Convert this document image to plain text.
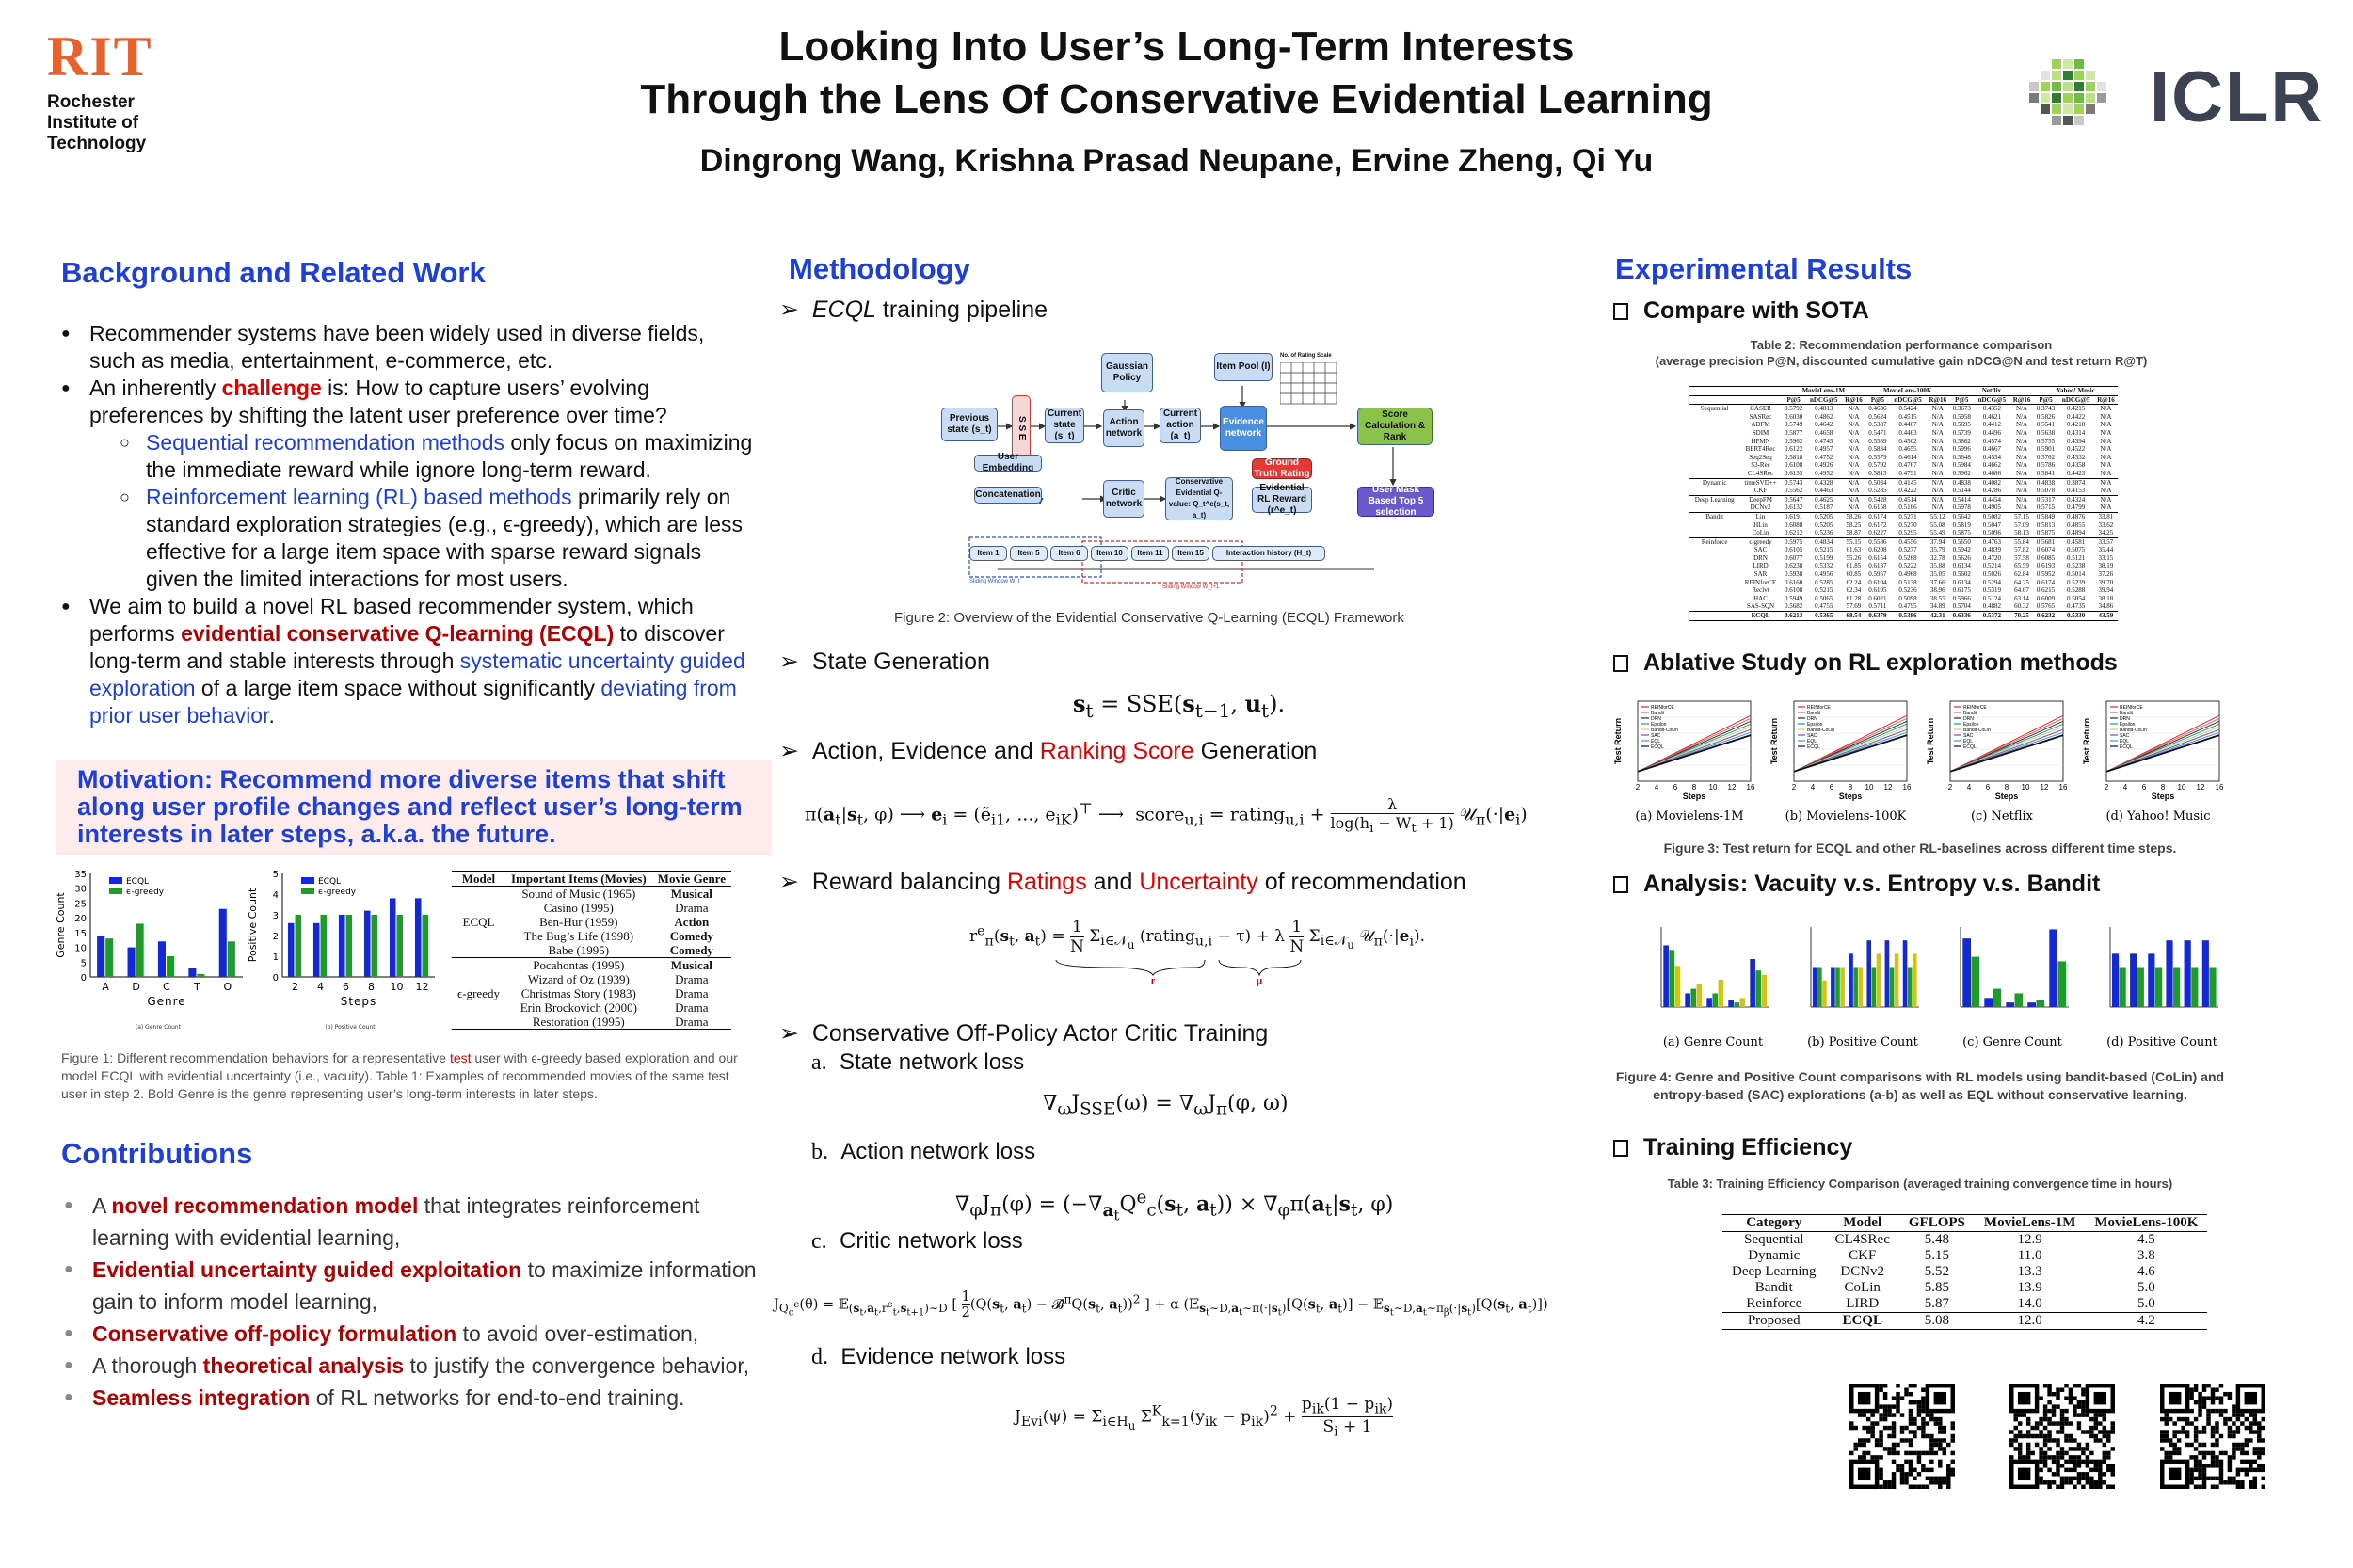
RIT
Rochester
Institute of
Technology
Looking Into User’s Long-Term Interests
Through the Lens Of Conservative Evidential Learning
Dingrong Wang, Krishna Prasad Neupane, Ervine Zheng, Qi Yu
ICLR
Background and Related Work
● Recommender systems have been widely used in diverse fields, such as media, entertainment, e-commerce, etc.
● An inherently challenge is: How to capture users’ evolving preferences by shifting the latent user preference over time?
○ Sequential recommendation methods only focus on maximizing the immediate reward while ignore long-term reward.
○ Reinforcement learning (RL) based methods primarily rely on standard exploration strategies (e.g., ϵ-greedy), which are less effective for a large item space with sparse reward signals given the limited interactions for most users.
● We aim to build a novel RL based recommender system, which performs evidential conservative Q-learning (ECQL) to discover long-term and stable interests through systematic uncertainty guided exploration of a large item space without significantly deviating from prior user behavior.
Motivation: Recommend more diverse items that shift along user profile changes and reflect user’s long-term interests in later steps, a.k.a. the future.
0
5
10
15
20
25
30
35
A D C T O
Genre
Genre Count
ECQL
ϵ-greedy
(a) Genre Count
0
1
2
3
4
5
2 4 6 8 10 12
Steps
Positive Count
ECQL
ϵ-greedy
(b) Positive Count
Model	Important Items (Movies)	Movie Genre
ECQL	Sound of Music (1965)	Musical
	Casino (1995)	Drama
	Ben-Hur (1959)	Action
	The Bug’s Life (1998)	Comedy
	Babe (1995)	Comedy
ϵ-greedy	Pocahontas (1995)	Musical
	Wizard of Oz (1939)	Drama
	Christmas Story (1983)	Drama
	Erin Brockovich (2000)	Drama
	Restoration (1995)	Drama
Figure 1: Different recommendation behaviors for a representative test user with ϵ-greedy based exploration and our model ECQL with evidential uncertainty (i.e., vacuity). Table 1: Examples of recommended movies of the same test user in step 2. Bold Genre is the genre representing user’s long-term interests in later steps.
Contributions
● A novel recommendation model that integrates reinforcement learning with evidential learning,
● Evidential uncertainty guided exploitation to maximize information gain to inform model learning,
● Conservative off-policy formulation to avoid over-estimation,
● A thorough theoretical analysis to justify the convergence behavior,
● Seamless integration of RL networks for end-to-end training.
Methodology
➢ ECQL training pipeline
Gaussian Policy
Item Pool (I)
No. of Rating Scale
Previous state (s_t)	S S E
Current state (s_t)
Action network
Current action (a_t)
Evidence network
Score Calculation & Rank
User Embedding
Concatenation	Critic network
Conservative Evidential Q-value: Q_t^e(s_t, a_t)
Ground Truth Rating
Evidential RL Reward (r^e_t)
User Mask Based Top 5 selection
Item 1	Item 5	Item 6	Item 10	Item 11	Item 15	Interaction history (H_t)
Sliding Window W_t
Sliding Window W_t+1
Figure 2: Overview of the Evidential Conservative Q-Learning (ECQL) Framework
➢ State Generation
$s_t = SSE(s_{t-1}$, $u_t$).
➢ Action, Evidence and Ranking Score Generation
$\pi(a_t|s_t$, φ) ⟶ $e_i$ = (ẽ$_{i1}$, ..., $e_{iK})^⊤$ ⟶  score$_{u,i}$ = rating$_{u,i}$ + $\frac{\lambda}{\log(h_i - W_t + 1)}$ $𝒰_\pi(\cdot|e_i)$
➢ Reward balancing Ratings and Uncertainty of recommendation
$r^e_\pi(s_t$, $a_t) = \frac{1}{N} \Sigma_{i\in 𝒩_u}$ (rating$_{u,i}$ − τ) + λ $\frac{1}{N} \Sigma_{i\in 𝒩_u}$ $𝒰_\pi(\cdot|e_i)$.
r	μ
➢ Conservative Off-Policy Actor Critic Training
a. State network loss
$\nabla_\omega J_{SSE}(\omega) = \nabla_\omega J_\pi(\varphi$, ω)
b. Action network loss
$\nabla_\varphi J_\pi(\varphi) = (-\nabla_{a_t}Q^e_c(s_t$, $a_t)) \times \nabla_\varphi\pi(a_t|s_t$, φ)
c. Critic network loss
$J_{Q_c^e}(\theta)$ = 𝔼$_{(s_t,a_t,r^e_t,s_{t+1})\sim D}$ [ $\frac{1}{2} (Q(s_t$, $a_t$) − $𝓑̂^\pi Q(s_t$, $a_t))^2$ ] + α ($𝔼_{s_t\sim D,a_t\sim\pi(\cdot|s_t)}[Q(s_t$, $a_t$)] − $𝔼_{s_t\sim D,a_t\sim\pi_\beta(\cdot|s_t)}[Q(s_t$, $a_t$)])
d. Evidence network loss
$J_{Evi}(\psi) = \Sigma_{i\in H_u}$ $\Sigma^K_{k=1}(y_{ik} - p_{ik})^2$ +
$p_{ik}(1 - p_{ik})$
$S_i + 1$
Experimental Results
Compare with SOTA
Table 2: Recommendation performance comparison
(average precision P@N, discounted cumulative gain nDCG@N and test return R@T)
		MovieLens-1M			MovieLens-100K			Netflix			Yahoo! Music		
		P@5	nDCG@5	R@16	P@5	nDCG@5	R@16	P@5	nDCG@5	R@16	P@5	nDCG@5	R@16
Sequential	CASER	0.5792	0.4813	N/A	0.4636	0.5424	N/A	0.3673	0.4352	N/A	0.3743	0.4215	N/A
	SASRec	0.6030	0.4862	N/A	0.5624	0.4515	N/A	0.5958	0.4621	N/A	0.5826	0.4422	N/A
	ADFM	0.5749	0.4642	N/A	0.5387	0.4407	N/A	0.5695	0.4412	N/A	0.5541	0.4218	N/A
	SDIM	0.5877	0.4658	N/A	0.5471	0.4463	N/A	0.5739	0.4496	N/A	0.5638	0.4314	N/A
	HPMN	0.5962	0.4745	N/A	0.5589	0.4502	N/A	0.5862	0.4574	N/A	0.5755	0.4394	N/A
	BERT4Rec	0.6122	0.4957	N/A	0.5834	0.4655	N/A	0.5996	0.4667	N/A	0.5901	0.4522	N/A
	Seq2Seq	0.5818	0.4752	N/A	0.5579	0.4614	N/A	0.5648	0.4554	N/A	0.5762	0.4332	N/A
	S3-Rec	0.6108	0.4926	N/A	0.5792	0.4767	N/A	0.5984	0.4662	N/A	0.5786	0.4358	N/A
	CL4SRec	0.6135	0.4952	N/A	0.5813	0.4791	N/A	0.5962	0.4686	N/A	0.5841	0.4423	N/A
Dynamic	timeSVD++	0.5743	0.4328	N/A	0.5034	0.4145	N/A	0.4838	0.4082	N/A	0.4838	0.3874	N/A
	CKF	0.5562	0.4463	N/A	0.5285	0.4222	N/A	0.5144	0.4286	N/A	0.5078	0.4153	N/A
Deep Learning	DeepFM	0.5647	0.4625	N/A	0.5428	0.4514	N/A	0.5414	0.4454	N/A	0.5317	0.4324	N/A
	DCNv2	0.6132	0.5187	N/A	0.6158	0.5166	N/A	0.5978	0.4905	N/A	0.5715	0.4799	N/A
Bandit	Lin	0.6191	0.5205	58.26	0.6174	0.5271	55.12	0.5642	0.5082	57.15	0.5849	0.4876	33.81
	HLin	0.6088	0.5205	58.25	0.6172	0.5270	55.08	0.5819	0.5047	57.09	0.5813	0.4855	33.62
	CoLin	0.6212	0.5236	58.87	0.6227	0.5295	55.49	0.5875	0.5096	58.13	0.5875	0.4894	34.25
Reinforce	ϵ-greedy	0.5975	0.4834	55.15	0.5586	0.4556	37.94	0.5650	0.4763	55.84	0.5681	0.4581	33.57
	SAC	0.6105	0.5215	61.63	0.6208	0.5277	35.79	0.5942	0.4839	57.82	0.6074	0.5075	35.44
	DRN	0.6077	0.5199	55.26	0.6154	0.5268	32.78	0.5626	0.4720	57.58	0.6085	0.5121	33.15
	LIRD	0.6238	0.5332	61.85	0.6137	0.5222	35.88	0.6134	0.5214	65.59	0.6193	0.5238	38.19
	SAR	0.5938	0.4956	60.85	0.5957	0.4968	35.05	0.5602	0.5026	62.84	0.5952	0.5014	37.26
	REINforCE	0.6160	0.5285	62.24	0.6104	0.5138	37.66	0.6134	0.5294	64.25	0.6174	0.5239	39.70
	Reclvt	0.6108	0.5215	62.34	0.6195	0.5236	38.96	0.6175	0.5319	64.67	0.6215	0.5288	39.94
	HAC	0.5949	0.5065	61.28	0.6021	0.5098	38.55	0.5966	0.5124	63.14	0.6009	0.5054	38.18
	SAS-SQN	0.5682	0.4755	57.69	0.5711	0.4795	34.89	0.5704	0.4882	60.32	0.5765	0.4735	34.86
	ECQL	0.6213	0.5365	68.54	0.6379	0.5386	42.31	0.6336	0.5372	70.25	0.6232	0.5330	43.59
Ablative Study on RL exploration methods
REINforCE
Bandit
DRN
Epsilon
Bandit-CoLin
SAC
EQL
ECQL
2 4 6 8 10 12 16
Steps
Test Return
(a) Movielens-1M
REINforCE
Bandit
DRN
Epsilon
Bandit-CoLin
SAC
EQL
ECQL
2 4 6 8 10 12 16
Steps
Test Return
(b) Movielens-100K
REINforCE
Bandit
DRN
Epsilon
Bandit-CoLin
SAC
EQL
ECQL
2 4 6 8 10 12 16
Steps
Test Return
(c) Netflix
REINforCE
Bandit
DRN
Epsilon
Bandit-CoLin
SAC
EQL
ECQL
2 4 6 8 10 12 16
Steps
Test Return
(d) Yahoo! Music
Figure 3: Test return for ECQL and other RL-baselines across different time steps.
Analysis: Vacuity v.s. Entropy v.s. Bandit
(a) Genre Count	(b) Positive Count	(c) Genre Count	(d) Positive Count
Figure 4: Genre and Positive Count comparisons with RL models using bandit-based (CoLin) and entropy-based (SAC) explorations (a-b) as well as EQL without conservative learning.
Training Efficiency
Table 3: Training Efficiency Comparison (averaged training convergence time in hours)
Category	Model	GFLOPS	MovieLens-1M	MovieLens-100K
Sequential	CL4SRec	5.48	12.9	4.5
Dynamic	CKF	5.15	11.0	3.8
Deep Learning	DCNv2	5.52	13.3	4.6
Bandit	CoLin	5.85	13.9	5.0
Reinforce	LIRD	5.87	14.0	5.0
Proposed	ECQL	5.08	12.0	4.2
